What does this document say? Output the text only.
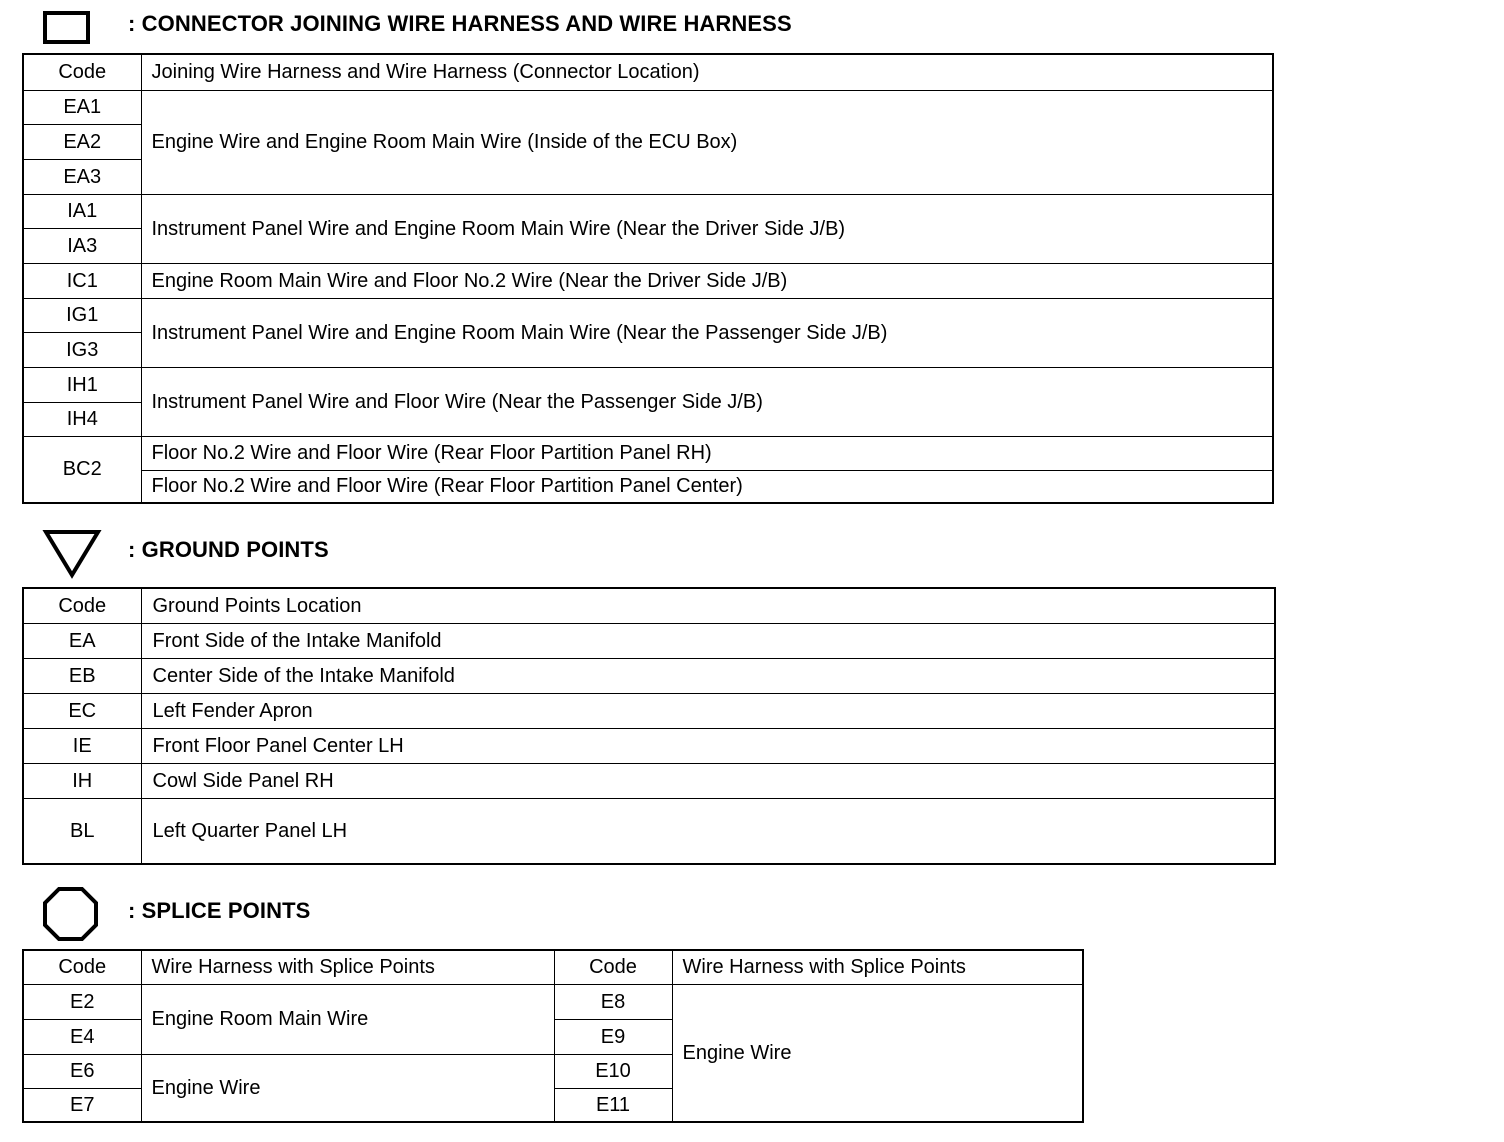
: CONNECTOR JOINING WIRE HARNESS AND WIRE HARNESS
Code	Joining Wire Harness and Wire Harness (Connector Location)
EA1	Engine Wire and Engine Room Main Wire (Inside of the ECU Box)
EA2	
EA3	
IA1	Instrument Panel Wire and Engine Room Main Wire (Near the Driver Side J/B)
IA3	
IC1	Engine Room Main Wire and Floor No.2 Wire (Near the Driver Side J/B)
IG1	Instrument Panel Wire and Engine Room Main Wire (Near the Passenger Side J/B)
IG3	
IH1	Instrument Panel Wire and Floor Wire (Near the Passenger Side J/B)
IH4	
BC2	Floor No.2 Wire and Floor Wire (Rear Floor Partition Panel RH)
	Floor No.2 Wire and Floor Wire (Rear Floor Partition Panel Center)
: GROUND POINTS
Code	Ground Points Location
EA	Front Side of the Intake Manifold
EB	Center Side of the Intake Manifold
EC	Left Fender Apron
IE	Front Floor Panel Center LH
IH	Cowl Side Panel RH
BL	Left Quarter Panel LH
: SPLICE POINTS
Code	Wire Harness with Splice Points	Code	Wire Harness with Splice Points
E2	Engine Room Main Wire	E8	Engine Wire
E4		E9	
E6	Engine Wire	E10	
E7		E11	
